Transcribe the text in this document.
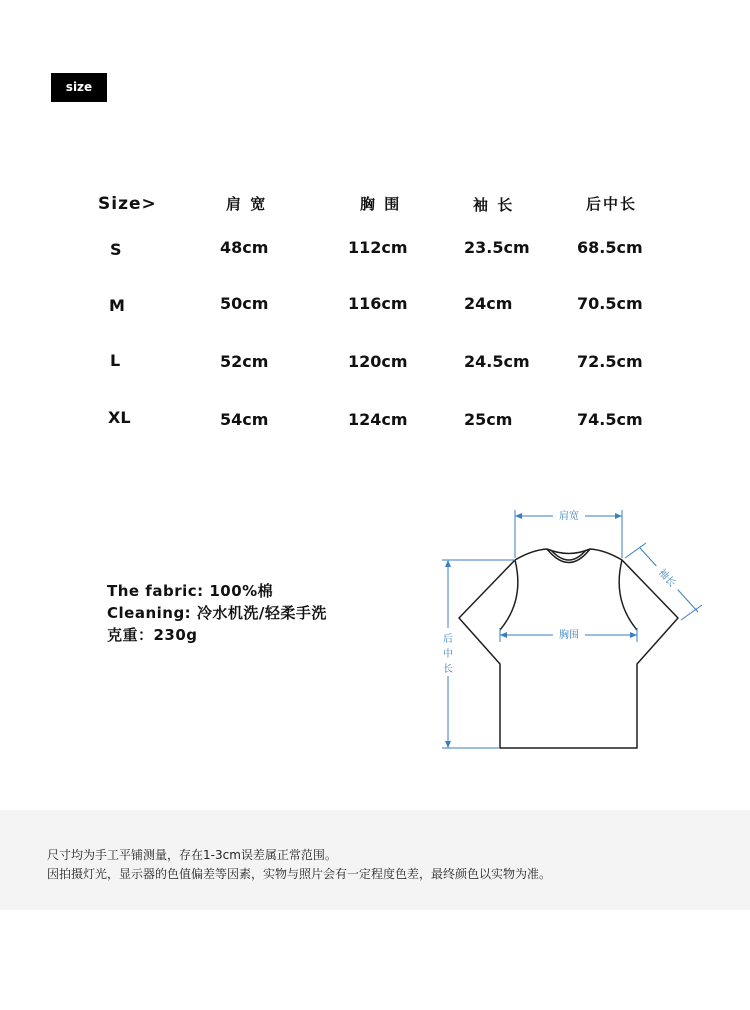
size
Size>	肩 宽	胸 围	袖 长	后中长
S	48cm	112cm	23.5cm	68.5cm
M	50cm	116cm	24cm	70.5cm
L	52cm	120cm	24.5cm	72.5cm
XL	54cm	124cm	25cm	74.5cm
The fabric: 100%棉
Cleaning: 冷水机洗/轻柔手洗
克重：230g
肩宽
胸围
后
中
长
袖长
尺寸均为手工平铺测量，存在1-3cm误差属正常范围。
因拍摄灯光，显示器的色值偏差等因素，实物与照片会有一定程度色差，最终颜色以实物为准。
